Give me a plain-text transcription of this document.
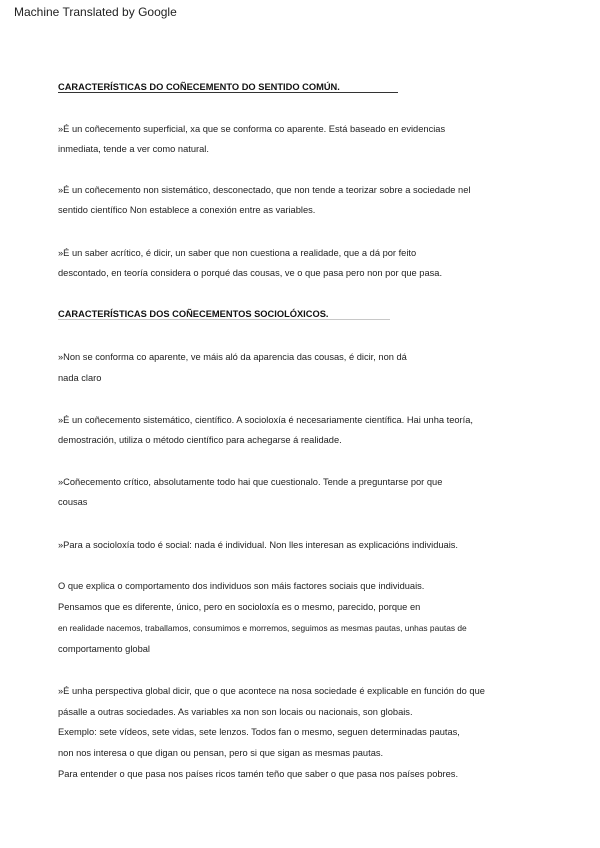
Machine Translated by Google
CARACTERÍSTICAS DO COÑECEMENTO DO SENTIDO COMÚN.
»É un coñecemento superficial, xa que se conforma co aparente. Está baseado en evidencias
inmediata, tende a ver como natural.
»É un coñecemento non sistemático, desconectado, que non tende a teorizar sobre a sociedade nel
sentido científico Non establece a conexión entre as variables.
»É un saber acrítico, é dicir, un saber que non cuestiona a realidade, que a dá por feito
descontado, en teoría considera o porqué das cousas, ve o que pasa pero non por que pasa.
CARACTERÍSTICAS DOS COÑECEMENTOS SOCIOLÓXICOS.
»Non se conforma co aparente, ve máis aló da aparencia das cousas, é dicir, non dá
nada claro
»É un coñecemento sistemático, científico. A socioloxía é necesariamente científica. Hai unha teoría,
demostración, utiliza o método científico para achegarse á realidade.
»Coñecemento crítico, absolutamente todo hai que cuestionalo. Tende a preguntarse por que
cousas
»Para a socioloxía todo é social: nada é individual. Non lles interesan as explicacións individuais.
O que explica o comportamento dos individuos son máis factores sociais que individuais.
Pensamos que es diferente, único, pero en socioloxía es o mesmo, parecido, porque en
en realidade nacemos, traballamos, consumimos e morremos, seguimos as mesmas pautas, unhas pautas de
comportamento global
»É unha perspectiva global dicir, que o que acontece na nosa sociedade é explicable en función do que
pásalle a outras sociedades. As variables xa non son locais ou nacionais, son globais.
Exemplo: sete vídeos, sete vidas, sete lenzos. Todos fan o mesmo, seguen determinadas pautas,
non nos interesa o que digan ou pensan, pero si que sigan as mesmas pautas.
Para entender o que pasa nos países ricos tamén teño que saber o que pasa nos países pobres.
